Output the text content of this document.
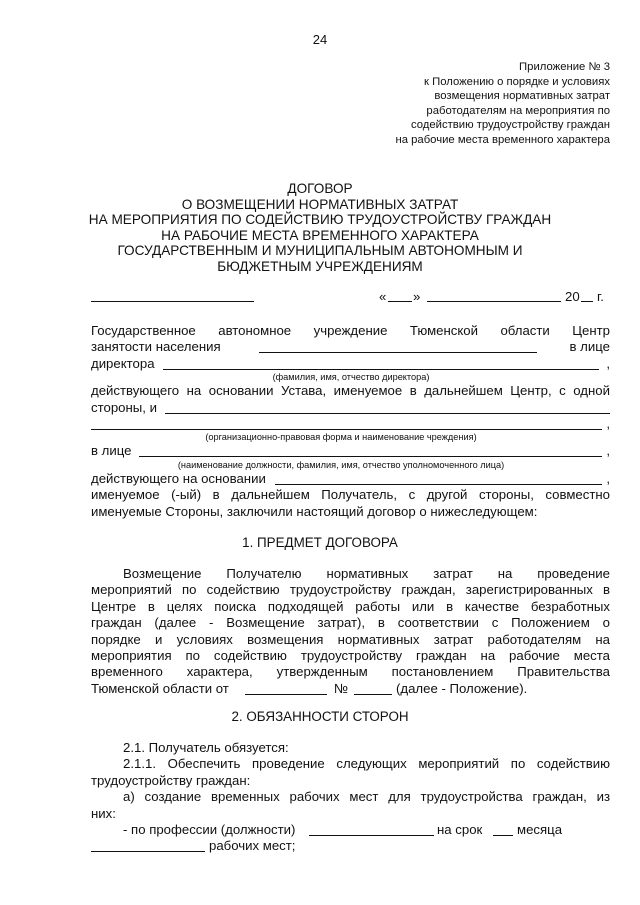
24
Приложение № 3
к Положению о порядке и условиях
возмещения нормативных затрат
работодателям на мероприятия по
содействию трудоустройству граждан
на рабочие места временного характера
ДОГОВОР
О ВОЗМЕЩЕНИИ НОРМАТИВНЫХ ЗАТРАТ
НА МЕРОПРИЯТИЯ ПО СОДЕЙСТВИЮ ТРУДОУСТРОЙСТВУ ГРАЖДАН
НА РАБОЧИЕ МЕСТА ВРЕМЕННОГО ХАРАКТЕРА
ГОСУДАРСТВЕННЫМ И МУНИЦИПАЛЬНЫМ АВТОНОМНЫМ И
БЮДЖЕТНЫМ УЧРЕЖДЕНИЯМ
« »	20 г.
Государственное автономное учреждение Тюменской области Центр
занятости населения	в лице
директора	,
(фамилия, имя, отчество директора)
действующего на основании Устава, именуемое в дальнейшем Центр, с одной
стороны, и
,
(организационно-правовая форма и наименование чреждения)
в лице	,
(наименование должности, фамилия, имя, отчество уполномоченного лица)
действующего на основании	,
именуемое (-ый) в дальнейшем Получатель, с другой стороны, совместно
именуемые Стороны, заключили настоящий договор о нижеследующем:
1. ПРЕДМЕТ ДОГОВОРА
Возмещение Получателю нормативных затрат на проведение
мероприятий по содействию трудоустройству граждан, зарегистрированных в
Центре в целях поиска подходящей работы или в качестве безработных
граждан (далее - Возмещение затрат), в соответствии с Положением о
порядке и условиях возмещения нормативных затрат работодателям на
мероприятия по содействию трудоустройству граждан на рабочие места
временного характера, утвержденным постановлением Правительства
Тюменской области от	№	(далее - Положение).
2. ОБЯЗАННОСТИ СТОРОН
2.1. Получатель обязуется:
2.1.1. Обеспечить проведение следующих мероприятий по содействию
трудоустройству граждан:
а) создание временных рабочих мест для трудоустройства граждан, из
них:
- по профессии (должности)	на срок	месяца
рабочих мест;
